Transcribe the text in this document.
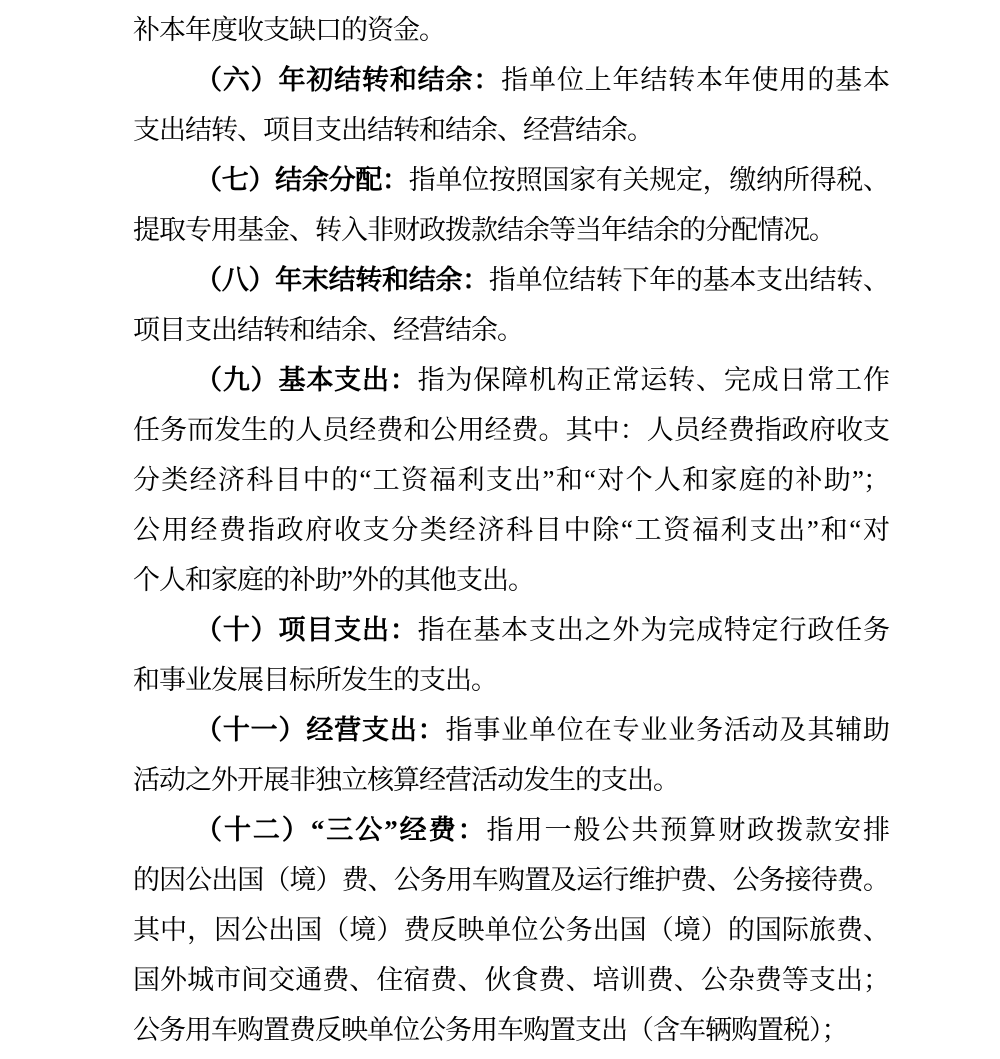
补本年度收支缺口的资金。
（六）年初结转和结余：指单位上年结转本年使用的基本
支出结转、项目支出结转和结余、经营结余。
（七）结余分配：指单位按照国家有关规定，缴纳所得税、
提取专用基金、转入非财政拨款结余等当年结余的分配情况。
（八）年末结转和结余：指单位结转下年的基本支出结转、
项目支出结转和结余、经营结余。
（九）基本支出：指为保障机构正常运转、完成日常工作
任务而发生的人员经费和公用经费。其中：人员经费指政府收支
分类经济科目中的“工资福利支出”和“对个人和家庭的补助”；
公用经费指政府收支分类经济科目中除“工资福利支出”和“对
个人和家庭的补助”外的其他支出。
（十）项目支出：指在基本支出之外为完成特定行政任务
和事业发展目标所发生的支出。
（十一）经营支出：指事业单位在专业业务活动及其辅助
活动之外开展非独立核算经营活动发生的支出。
（十二）“三公”经费：指用一般公共预算财政拨款安排
的因公出国（境）费、公务用车购置及运行维护费、公务接待费。
其中，因公出国（境）费反映单位公务出国（境）的国际旅费、
国外城市间交通费、住宿费、伙食费、培训费、公杂费等支出；
公务用车购置费反映单位公务用车购置支出（含车辆购置税）；
